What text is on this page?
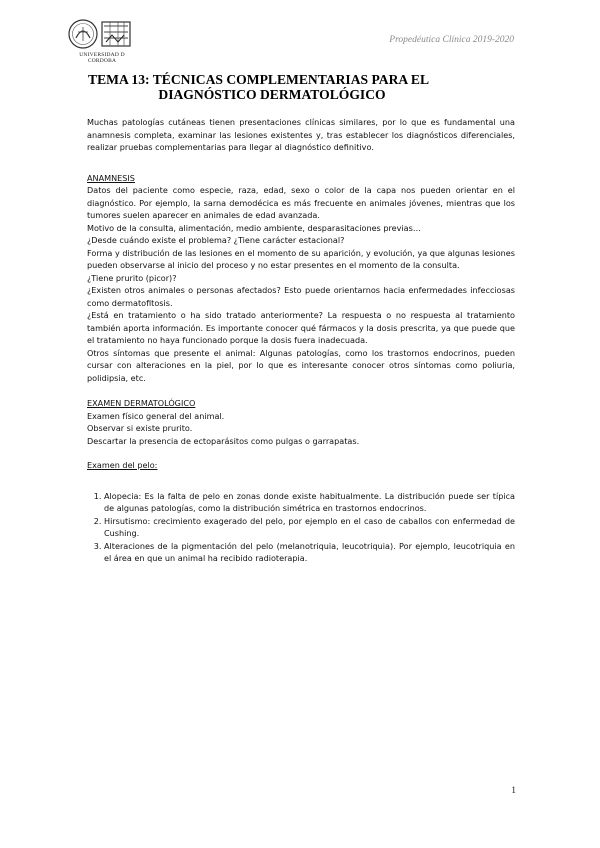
UNIVERSIDAD D CORDOBA
Propedéutica Clínica 2019-2020
TEMA 13: TÉCNICAS COMPLEMENTARIAS PARA EL
DIAGNÓSTICO DERMATOLÓGICO

Muchas patologías cutáneas tienen presentaciones clínicas similares, por lo que es fundamental una anamnesis completa, examinar las lesiones existentes y, tras establecer los diagnósticos diferenciales, realizar pruebas complementarias para llegar al diagnóstico definitivo.

ANAMNESIS

Datos del paciente como especie, raza, edad, sexo o color de la capa nos pueden orientar en el diagnóstico. Por ejemplo, la sarna demodécica es más frecuente en animales jóvenes, mientras que los tumores suelen aparecer en animales de edad avanzada.

Motivo de la consulta, alimentación, medio ambiente, desparasitaciones previas…

¿Desde cuándo existe el problema? ¿Tiene carácter estacional?

Forma y distribución de las lesiones en el momento de su aparición, y evolución, ya que algunas lesiones pueden observarse al inicio del proceso y no estar presentes en el momento de la consulta.

¿Tiene prurito (picor)?

¿Existen otros animales o personas afectados? Esto puede orientarnos hacia enfermedades infecciosas como dermatofitosis.

¿Está en tratamiento o ha sido tratado anteriormente? La respuesta o no respuesta al tratamiento también aporta información. Es importante conocer qué fármacos y la dosis prescrita, ya que puede que el tratamiento no haya funcionado porque la dosis fuera inadecuada.

Otros síntomas que presente el animal: Algunas patologías, como los trastornos endocrinos, pueden cursar con alteraciones en la piel, por lo que es interesante conocer otros síntomas como poliuria, polidipsia, etc.

EXAMEN DERMATOLÓGICO

Examen físico general del animal.

Observar si existe prurito.

Descartar la presencia de ectoparásitos como pulgas o garrapatas.

Examen del pelo:

1. Alopecia: Es la falta de pelo en zonas donde existe habitualmente. La distribución puede ser típica de algunas patologías, como la distribución simétrica en trastornos endocrinos.
2. Hirsutismo: crecimiento exagerado del pelo, por ejemplo en el caso de caballos con enfermedad de Cushing.
3. Alteraciones de la pigmentación del pelo (melanotriquia, leucotriquia). Por ejemplo, leucotriquia en el área en que un animal ha recibido radioterapia.
1
